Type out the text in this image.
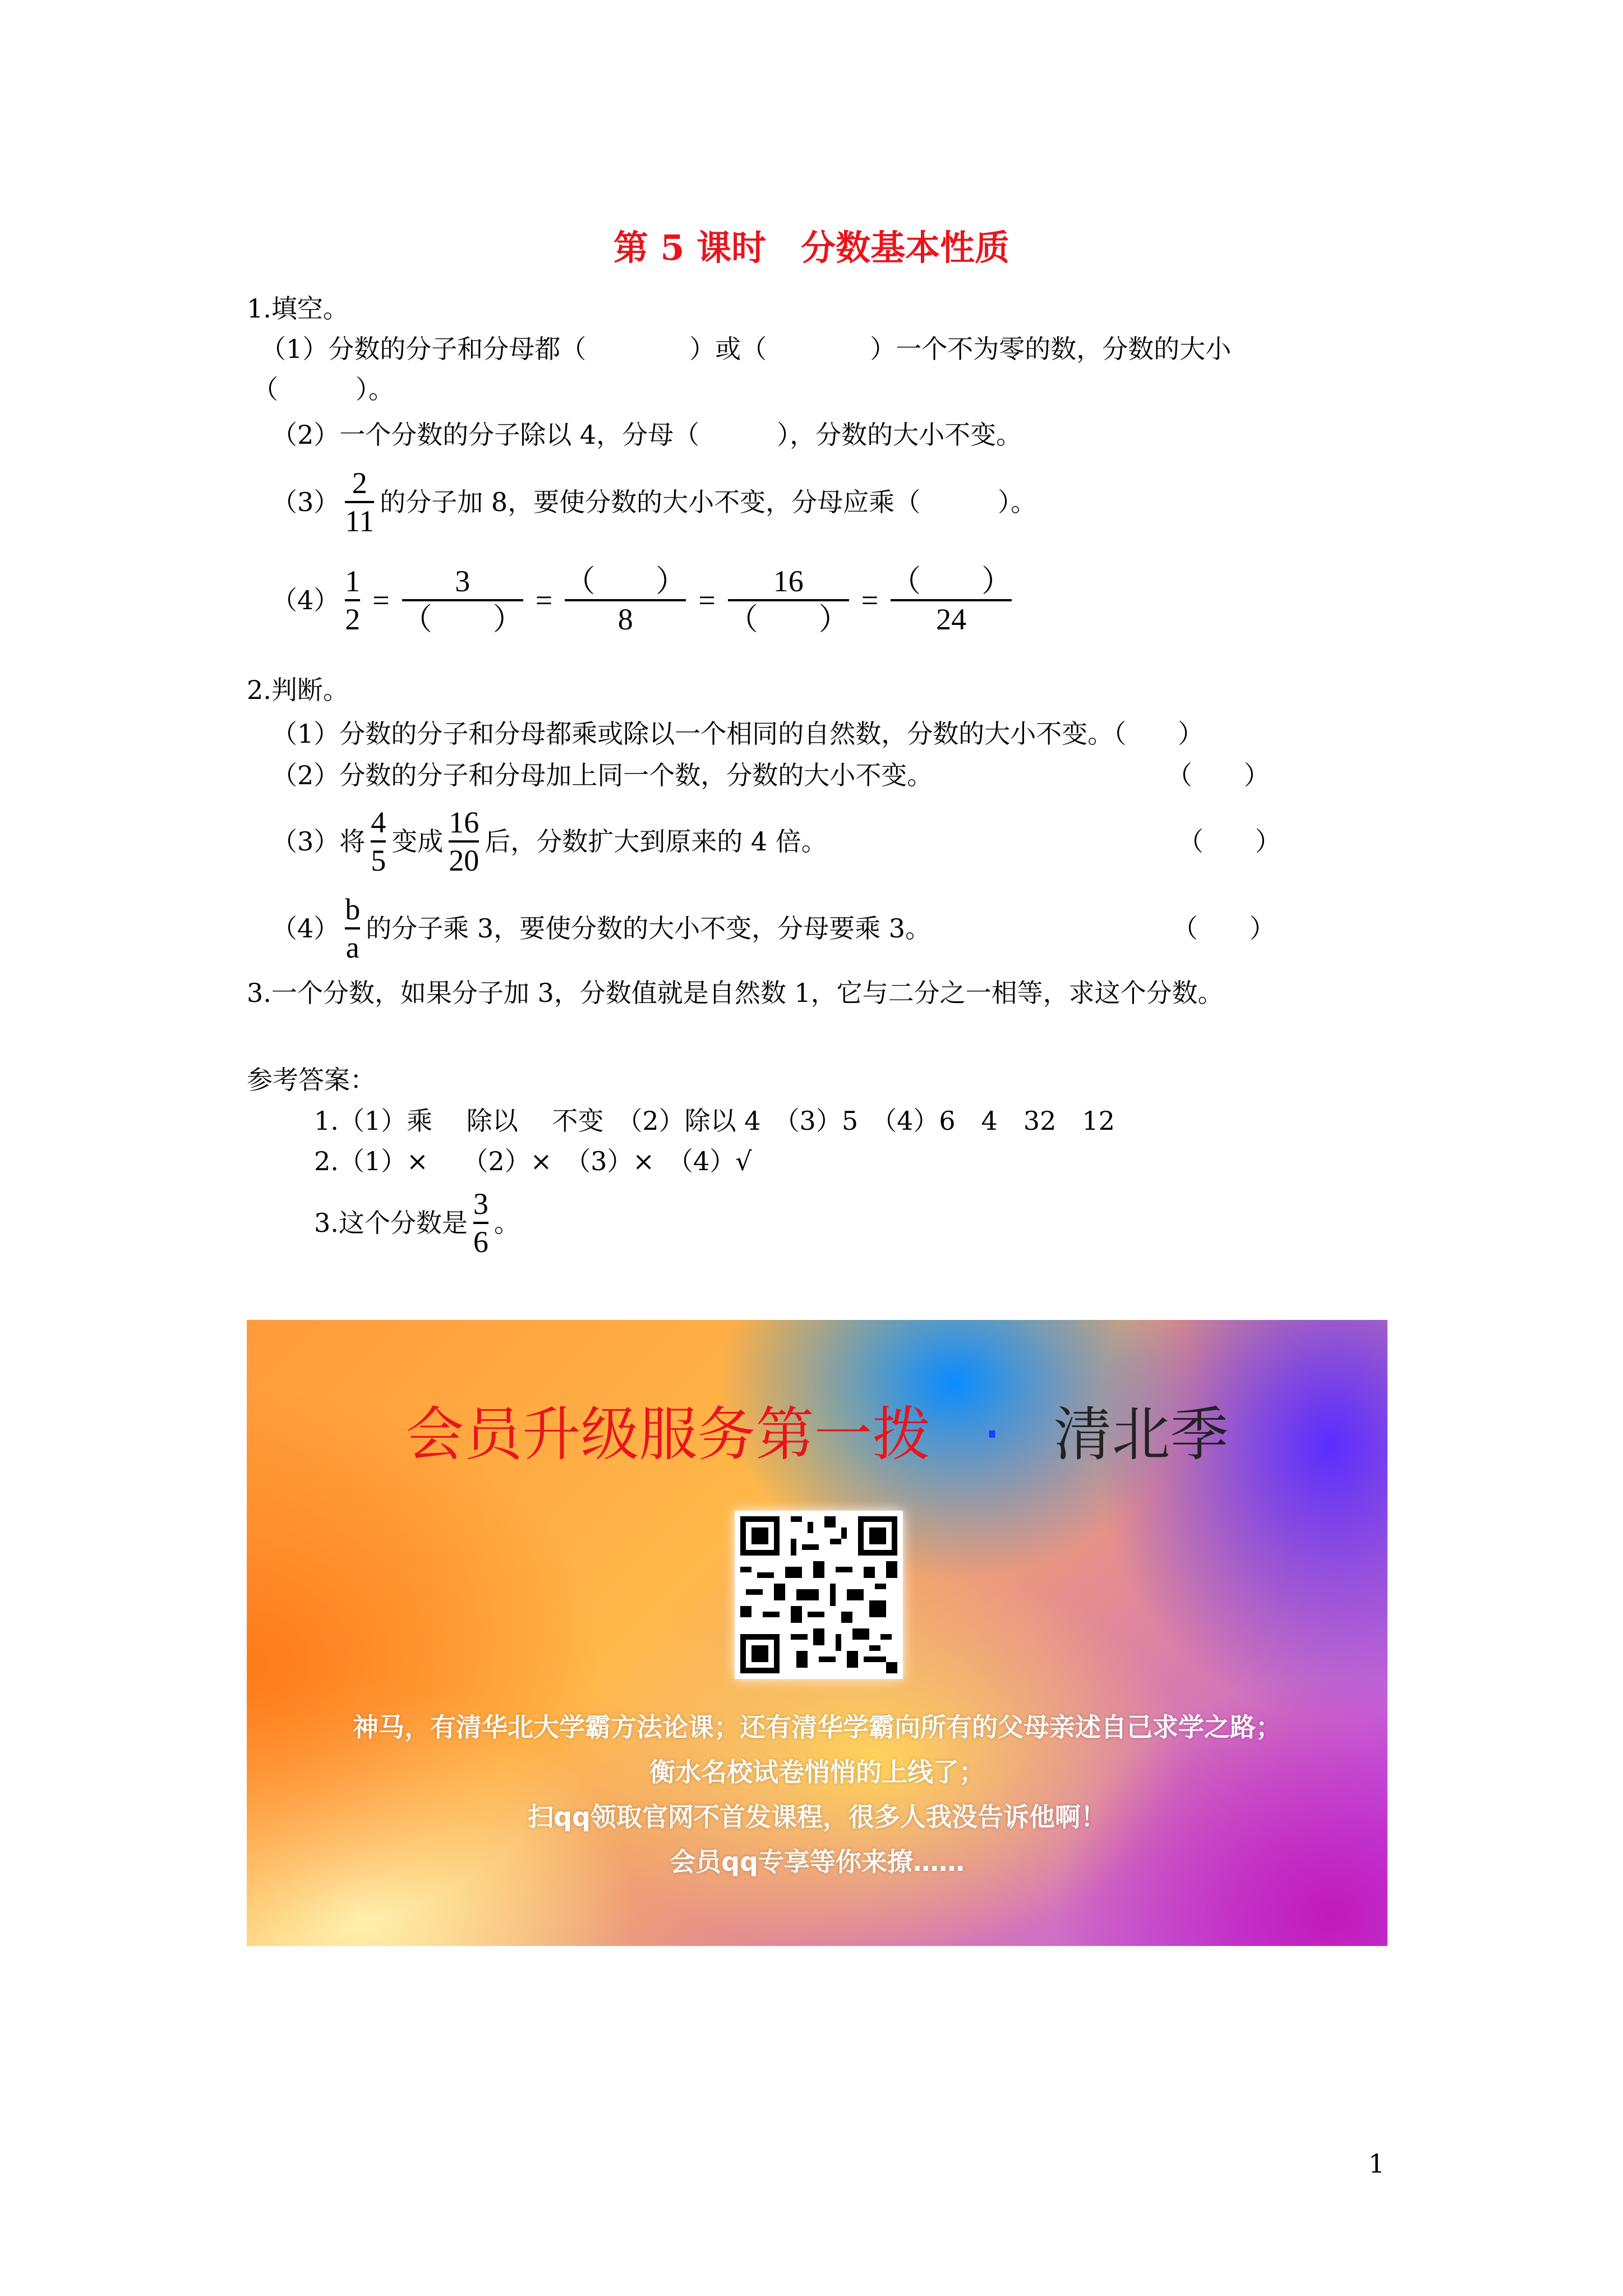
第 5 课时　分数基本性质
1.填空。
（1）分数的分子和分母都（　　　　）或（　　　　）一个不为零的数，分数的大小
（　　　）。
（2）一个分数的分子除以 4，分母（　　　），分数的大小不变。
$(3) \frac{2}{11}$ 的分子加 8，要使分数的大小不变，分母应乘（　　　）。
$(4) \frac{1}{2} = \frac{3}{( )} = \frac{( )}{8} = \frac{16}{( )} = \frac{( )}{24}$
2.判断。
（1）分数的分子和分母都乘或除以一个相同的自然数，分数的大小不变。（　　）
（2）分数的分子和分母加上同一个数，分数的大小不变。	（　　）
（3）将 $\frac{4}{5}$ 变成 $\frac{16}{20}$ 后，分数扩大到原来的 4 倍。	（　　）
$(4) \frac{b}{a}$ 的分子乘 3，要使分数的大小不变，分母要乘 3。	（　　）
3.一个分数，如果分子加 3，分数值就是自然数 1，它与二分之一相等，求这个分数。
参考答案：
1.（1）乘　 除以　 不变　（2）除以 4　（3）5　（4）6　4　32　12
2.（1）×　 （2）×　（3）×　（4）√
3.这个分数是 $\frac{3}{6}$ 。
会员升级服务第一拨 · 清北季
神马，有清华北大学霸方法论课；还有清华学霸向所有的父母亲述自己求学之路；
衡水名校试卷悄悄的上线了；
扫qq领取官网不首发课程，很多人我没告诉他啊！
会员qq专享等你来撩……
1
